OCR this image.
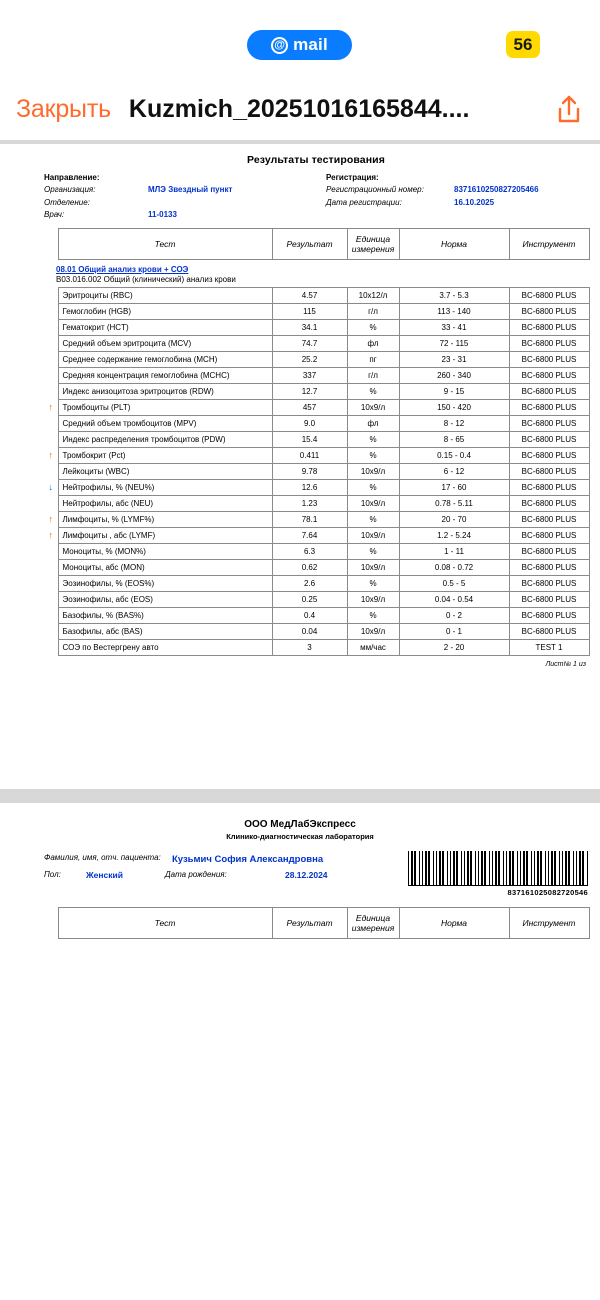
@ mail	56
Закрыть Kuzmich_20251016165844....
Результаты тестирования
Направление:
Организация:	МЛЭ Звездный пункт
Отделение:
Врач:	11-0133
Регистрация:
Регистрационный номер:	8371610250827205466
Дата регистрации:	16.10.2025
	Тест	Результат	Единица измерения	Норма	Инструмент
08.01 Общий анализ крови + СОЭ					
B03.016.002 Общий (клинический) анализ крови					
	Эритроциты (RBC)	4.57	10x12/л	3.7 - 5.3	BC-6800 PLUS
	Гемоглобин (HGB)	115	г/л	113 - 140	BC-6800 PLUS
	Гематокрит (HCT)	34.1	%	33 - 41	BC-6800 PLUS
	Средний объем эритроцита (MCV)	74.7	фл	72 - 115	BC-6800 PLUS
	Среднее содержание гемоглобина (MCH)	25.2	пг	23 - 31	BC-6800 PLUS
	Средняя концентрация гемоглобина (MCHC)	337	г/л	260 - 340	BC-6800 PLUS
	Индекс анизоцитоза эритроцитов (RDW)	12.7	%	9 - 15	BC-6800 PLUS
↑	Тромбоциты (PLT)	457	10x9/л	150 - 420	BC-6800 PLUS
	Средний объем тромбоцитов (MPV)	9.0	фл	8 - 12	BC-6800 PLUS
	Индекс распределения тромбоцитов (PDW)	15.4	%	8 - 65	BC-6800 PLUS
↑	Тромбокрит (Pct)	0.411	%	0.15 - 0.4	BC-6800 PLUS
	Лейкоциты (WBC)	9.78	10x9/л	6 - 12	BC-6800 PLUS
↓	Нейтрофилы, % (NEU%)	12.6	%	17 - 60	BC-6800 PLUS
	Нейтрофилы, абс (NEU)	1.23	10x9/л	0.78 - 5.11	BC-6800 PLUS
↑	Лимфоциты, % (LYMF%)	78.1	%	20 - 70	BC-6800 PLUS
↑	Лимфоциты , абс (LYMF)	7.64	10x9/л	1.2 - 5.24	BC-6800 PLUS
	Моноциты, % (MON%)	6.3	%	1 - 11	BC-6800 PLUS
	Моноциты, абс (MON)	0.62	10x9/л	0.08 - 0.72	BC-6800 PLUS
	Эозинофилы, % (EOS%)	2.6	%	0.5 - 5	BC-6800 PLUS
	Эозинофилы, абс (EOS)	0.25	10x9/л	0.04 - 0.54	BC-6800 PLUS
	Базофилы, % (BAS%)	0.4	%	0 - 2	BC-6800 PLUS
	Базофилы, абс (BAS)	0.04	10x9/л	0 - 1	BC-6800 PLUS
	СОЭ по Вестергрену авто	3	мм/час	2 - 20	TEST 1
Лист№ 1 из
ООО МедЛабЭкспресс
Клинико-диагностическая лаборатория
Фамилия, имя, отч. пациента:	Кузьмич София Александровна
Пол:	Женский	Дата рождения:	28.12.2024
837161025082720546
	Тест	Результат	Единица измерения	Норма	Инструмент
